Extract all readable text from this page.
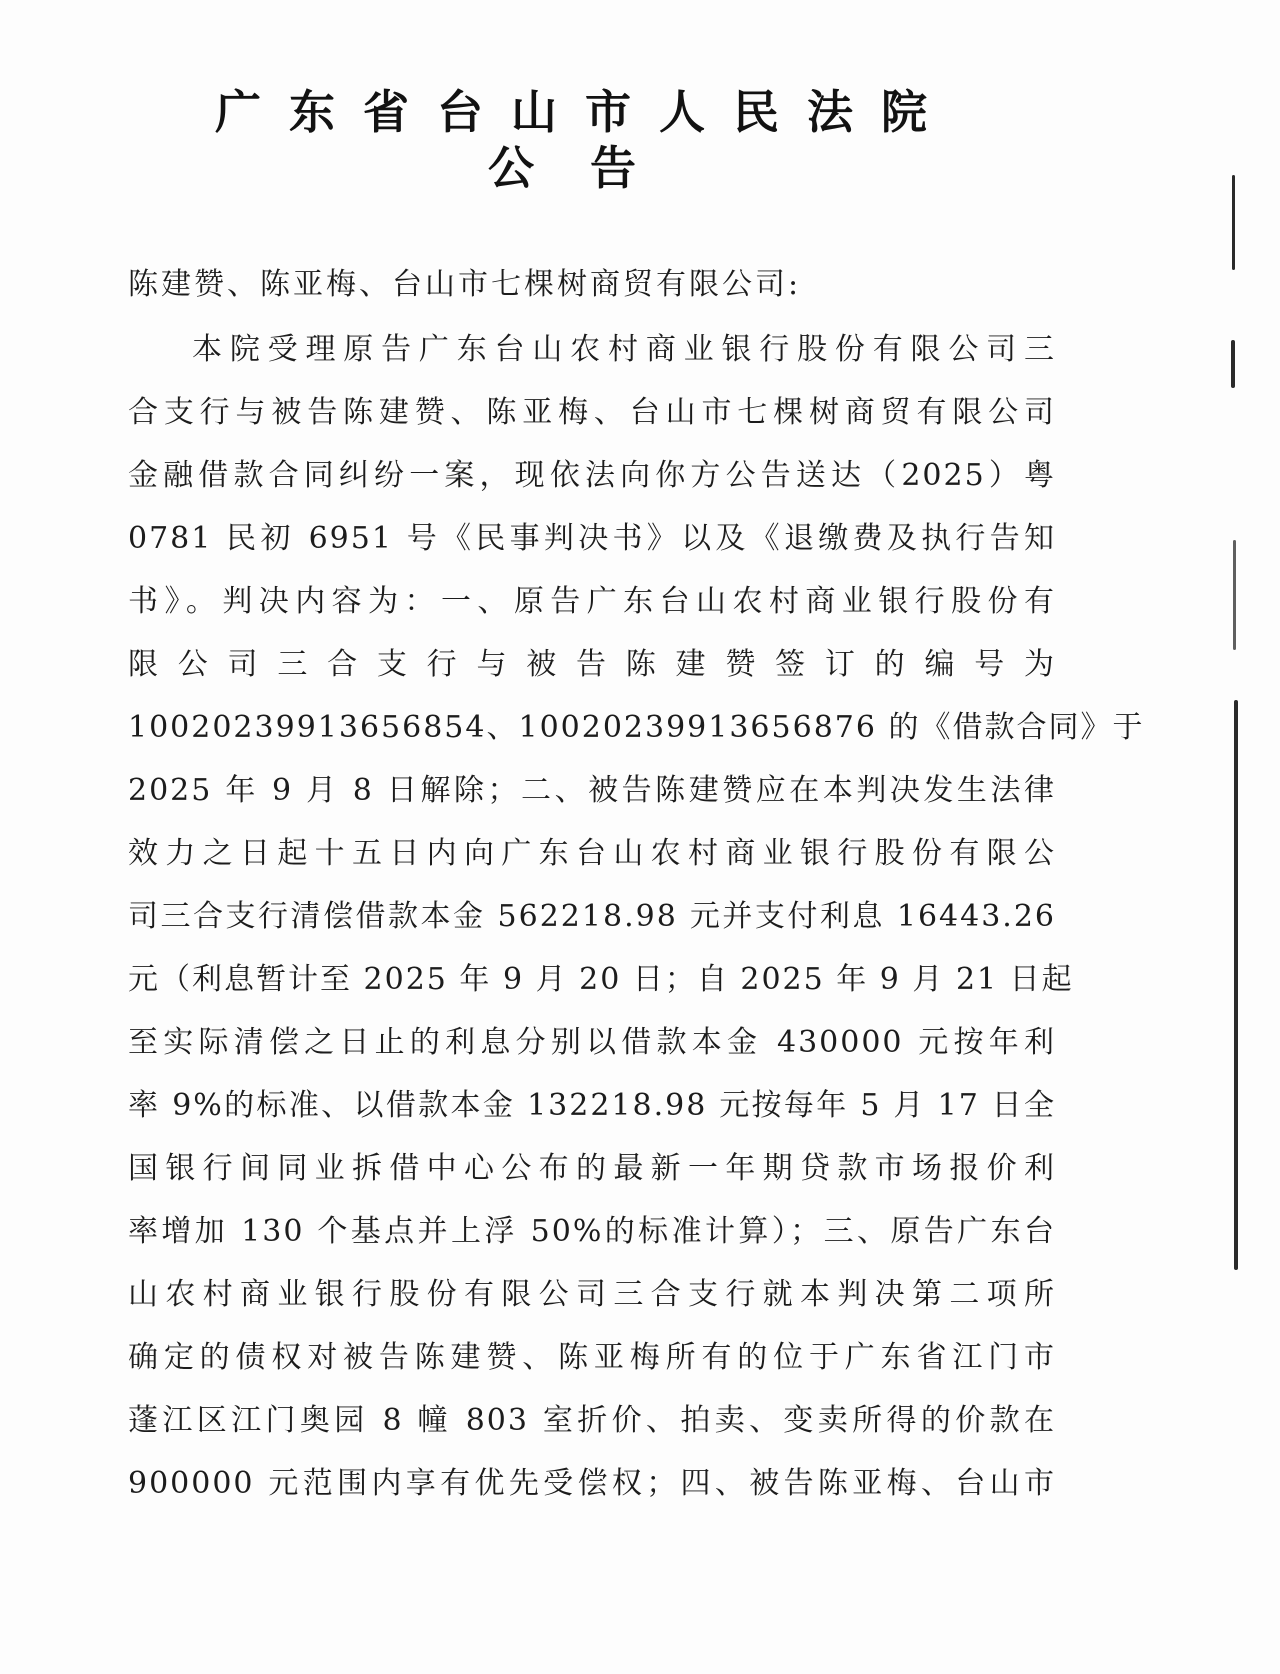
广东省台山市人民法院
公告

陈建赞、陈亚梅、台山市七棵树商贸有限公司:

本院受理原告广东台山农村商业银行股份有限公司三
合支行与被告陈建赞、陈亚梅、台山市七棵树商贸有限公司
金融借款合同纠纷一案，现依法向你方公告送达（2025）粤
0781 民初 6951 号《民事判决书》以及《退缴费及执行告知
书》。判决内容为：一、原告广东台山农村商业银行股份有
限公司三合支行与被告陈建赞签订的编号为
10020239913656854、10020239913656876 的《借款合同》于
2025 年 9 月 8 日解除；二、被告陈建赞应在本判决发生法律
效力之日起十五日内向广东台山农村商业银行股份有限公
司三合支行清偿借款本金 562218.98 元并支付利息 16443.26
元（利息暂计至 2025 年 9 月 20 日；自 2025 年 9 月 21 日起
至实际清偿之日止的利息分别以借款本金 430000 元按年利
率 9%的标准、以借款本金 132218.98 元按每年 5 月 17 日全
国银行间同业拆借中心公布的最新一年期贷款市场报价利
率增加 130 个基点并上浮 50%的标准计算）；三、原告广东台
山农村商业银行股份有限公司三合支行就本判决第二项所
确定的债权对被告陈建赞、陈亚梅所有的位于广东省江门市
蓬江区江门奥园 8 幢 803 室折价、拍卖、变卖所得的价款在
900000 元范围内享有优先受偿权；四、被告陈亚梅、台山市
